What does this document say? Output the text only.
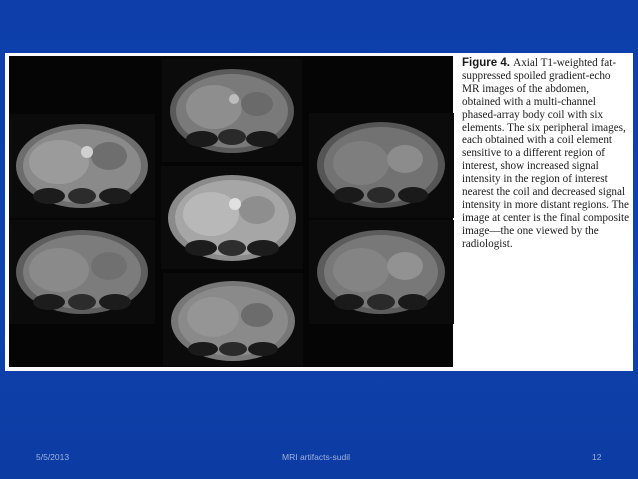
Figure 4. Axial T1-weighted fat-suppressed spoiled gradient-echo MR images of the abdomen, obtained with a multi-channel phased-array body coil with six elements. The six peripheral images, each obtained with a coil element sensitive to a different region of interest, show increased signal intensity in the region of interest nearest the coil and decreased signal intensity in more distant regions. The image at center is the final composite image—the one viewed by the radiologist.
5/5/2013	MRI artifacts-sudil	12
